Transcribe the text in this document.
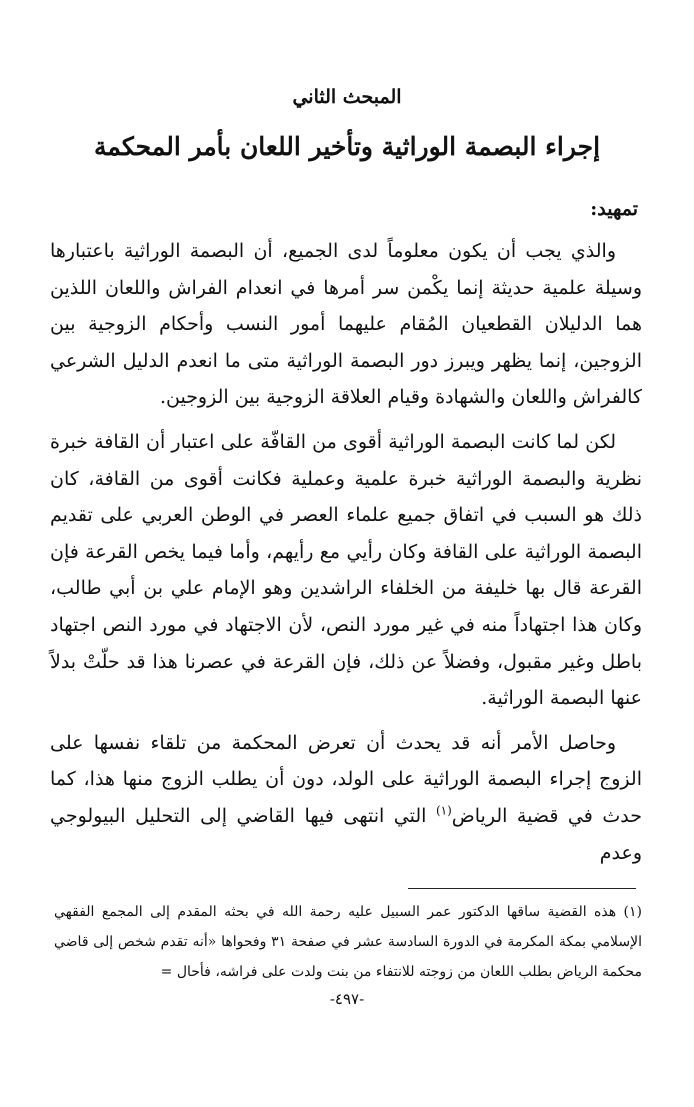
المبحث الثاني
إجراء البصمة الوراثية وتأخير اللعان بأمر المحكمة
تمهيد:

والذي يجب أن يكون معلوماً لدى الجميع، أن البصمة الوراثية باعتبارها وسيلة علمية حديثة إنما يكْمن سر أمرها في انعدام الفراش واللعان اللذين هما الدليلان القطعيان المُقام عليهما أمور النسب وأحكام الزوجية بين الزوجين، إنما يظهر ويبرز دور البصمة الوراثية متى ما انعدم الدليل الشرعي كالفراش واللعان والشهادة وقيام العلاقة الزوجية بين الزوجين.

لكن لما كانت البصمة الوراثية أقوى من القافّة على اعتبار أن القافة خبرة نظرية والبصمة الوراثية خبرة علمية وعملية فكانت أقوى من القافة، كان ذلك هو السبب في اتفاق جميع علماء العصر في الوطن العربي على تقديم البصمة الوراثية على القافة وكان رأيي مع رأيهم، وأما فيما يخص القرعة فإن القرعة قال بها خليفة من الخلفاء الراشدين وهو الإمام علي بن أبي طالب، وكان هذا اجتهاداً منه في غير مورد النص، لأن الاجتهاد في مورد النص اجتهاد باطل وغير مقبول، وفضلاً عن ذلك، فإن القرعة في عصرنا هذا قد حلّتْ بدلاً عنها البصمة الوراثية.

وحاصل الأمر أنه قد يحدث أن تعرض المحكمة من تلقاء نفسها على الزوج إجراء البصمة الوراثية على الولد، دون أن يطلب الزوج منها هذا، كما حدث في قضية الرياض$^{(١)}$ التي انتهى فيها القاضي إلى التحليل البيولوجي وعدم

(١) هذه القضية ساقها الدكتور عمر السبيل عليه رحمة الله في بحثه المقدم إلى المجمع الفقهي الإسلامي بمكة المكرمة في الدورة السادسة عشر في صفحة ٣١ وفحواها «أنه تقدم شخص إلى قاضي محكمة الرياض بطلب اللعان من زوجته للانتفاء من بنت ولدت على فراشه، فأحال =

-٤٩٧-
